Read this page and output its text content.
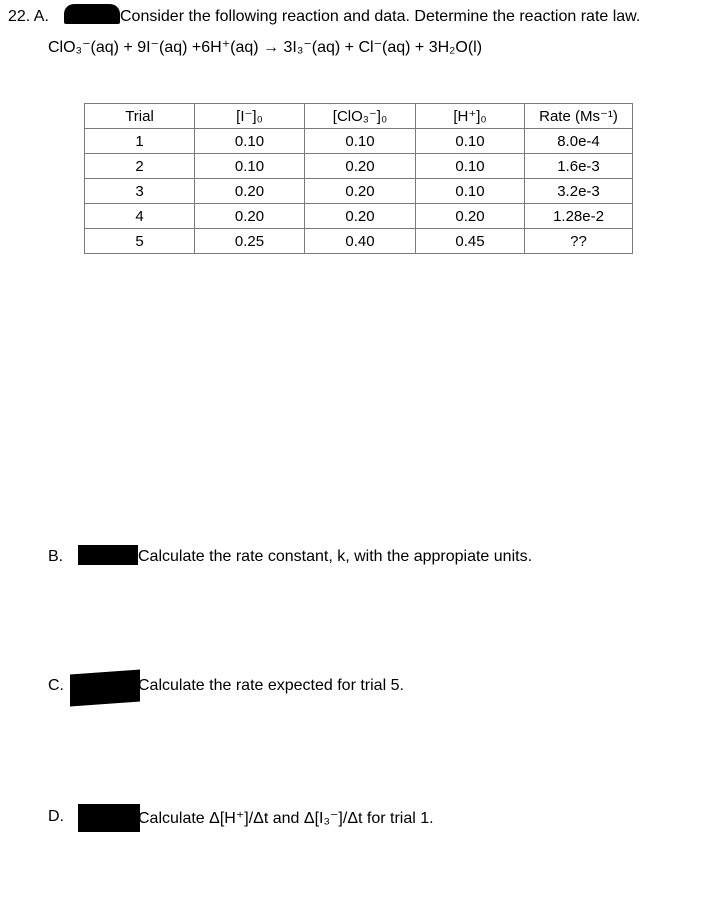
22. A.	Consider the following reaction and data. Determine the reaction rate law.
ClO₃⁻(aq) + 9I⁻(aq) +6H⁺(aq) → 3I₃⁻(aq) + Cl⁻(aq) + 3H₂O(l)
Trial	[I⁻]₀	[ClO₃⁻]₀	[H⁺]₀	Rate (Ms⁻¹)
1	0.10	0.10	0.10	8.0e-4
2	0.10	0.20	0.10	1.6e-3
3	0.20	0.20	0.10	3.2e-3
4	0.20	0.20	0.20	1.28e-2
5	0.25	0.40	0.45	??
B.	Calculate the rate constant, k, with the appropiate units.
C.	Calculate the rate expected for trial 5.
D.	Calculate Δ[H⁺]/Δt and Δ[I₃⁻]/Δt for trial 1.
